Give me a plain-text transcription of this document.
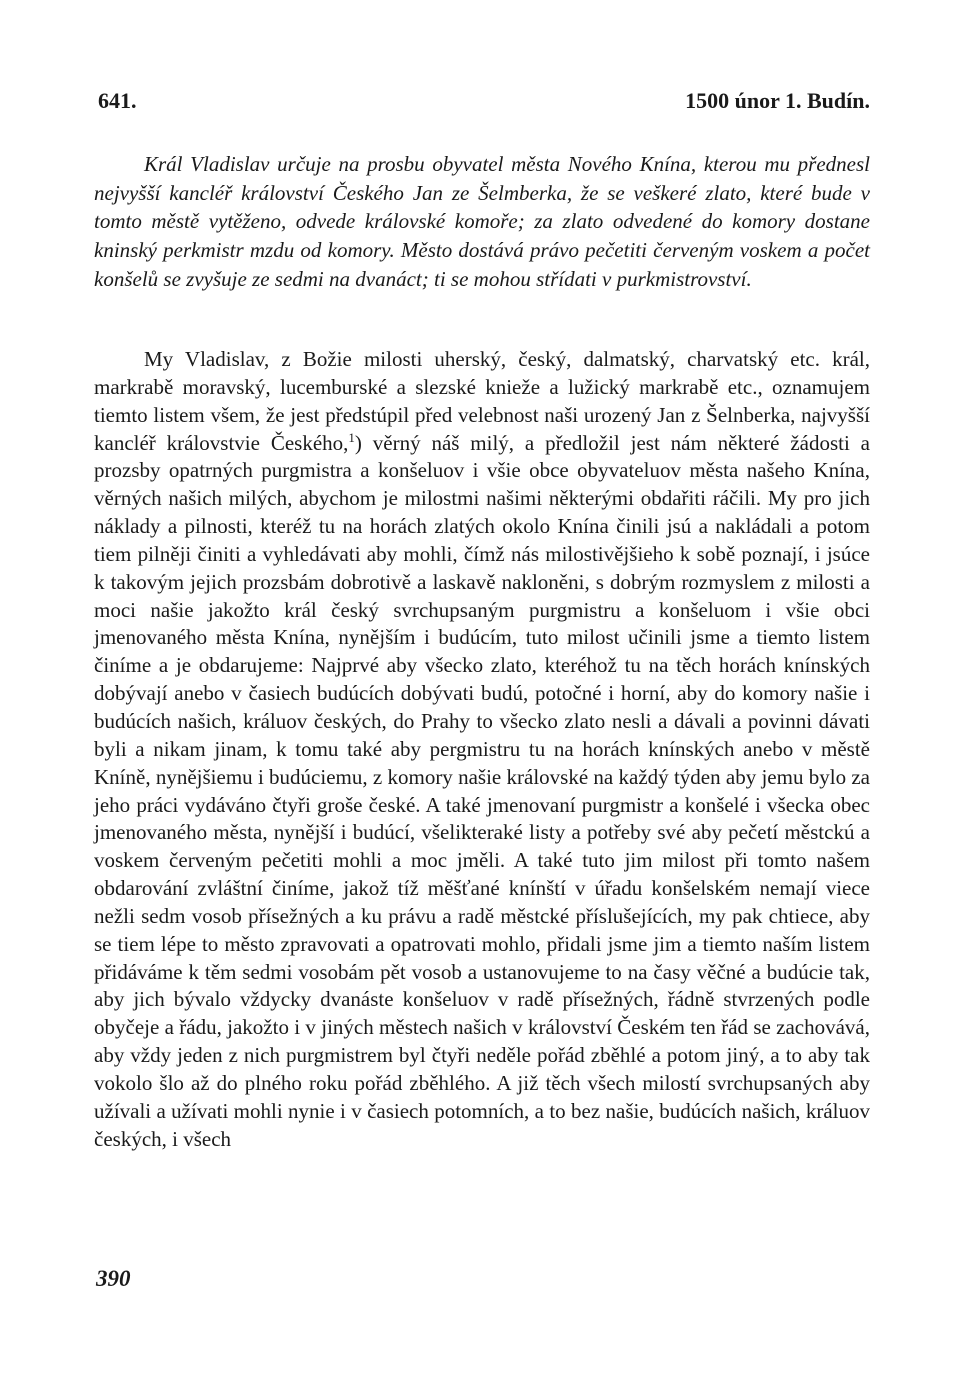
641.	1500 únor 1. Budín.

Král Vladislav určuje na prosbu obyvatel města Nového Knína, kterou mu přednesl nejvyšší kancléř království Českého Jan ze Šelmberka, že se veškeré zlato, které bude v tomto městě vytěženo, odvede královské komoře; za zlato odvedené do komory dostane kninský perkmistr mzdu od komory. Město dostává právo pečetiti červeným voskem a počet konšelů se zvyšuje ze sedmi na dvanáct; ti se mohou střídati v purkmistrovství.

My Vladislav, z Božie milosti uherský, český, dalmatský, charvatský etc. král, markrabě moravský, lucemburské a slezské knieže a lužický markrabě etc., oznamujem tiemto listem všem, že jest předstúpil před velebnost naši urozený Jan z Šelnberka, najvyšší kancléř královstvie Českého,$^1$) věrný náš milý, a předložil jest nám některé žádosti a prozsby opatrných purgmistra a konšeluov i všie obce obyvateluov města našeho Knína, věrných našich milých, abychom je milostmi našimi některými obdařiti ráčili. My pro jich náklady a pilnosti, kteréž tu na horách zlatých okolo Knína činili jsú a nakládali a potom tiem pilněji činiti a vyhledávati aby mohli, čímž nás milostivějšieho k sobě poznají, i jsúce k takovým jejich prozsbám dobrotivě a laskavě nakloněni, s dobrým rozmyslem z milosti a moci našie jakožto král český svrchupsaným purgmistru a konšeluom i všie obci jmenovaného města Knína, nynějším i budúcím, tuto milost učinili jsme a tiemto listem činíme a je obdarujeme: Najprvé aby všecko zlato, kteréhož tu na těch horách knínských dobývají anebo v časiech budúcích dobývati budú, potočné i horní, aby do komory našie i budúcích našich, králuov českých, do Prahy to všecko zlato nesli a dávali a povinni dávati byli a nikam jinam, k tomu také aby pergmistru tu na horách knínských anebo v městě Kníně, nynějšiemu i budúciemu, z komory našie královské na každý týden aby jemu bylo za jeho práci vydáváno čtyři groše české. A také jmenovaní purgmistr a konšelé i všecka obec jmenovaného města, nynější i budúcí, všelikteraké listy a potřeby své aby pečetí městckú a voskem červeným pečetiti mohli a moc jměli. A také tuto jim milost při tomto našem obdarování zvláštní činíme, jakož tíž měšťané knínští v úřadu konšelském nemají viece nežli sedm vosob přísežných a ku právu a radě městcké příslušejících, my pak chtiece, aby se tiem lépe to město zpravovati a opatrovati mohlo, přidali jsme jim a tiemto naším listem přidáváme k těm sedmi vosobám pět vosob a ustanovujeme to na časy věčné a budúcie tak, aby jich bývalo vždycky dvanáste konšeluov v radě přísežných, řádně stvrzených podle obyčeje a řádu, jakožto i v jiných městech našich v království Českém ten řád se zachovává, aby vždy jeden z nich purgmistrem byl čtyři neděle pořád zběhlé a potom jiný, a to aby tak vokolo šlo až do plného roku pořád zběhlého. A již těch všech milostí svrchupsaných aby užívali a užívati mohli nynie i v časiech potomních, a to bez našie, budúcích našich, králuov českých, i všech

390
